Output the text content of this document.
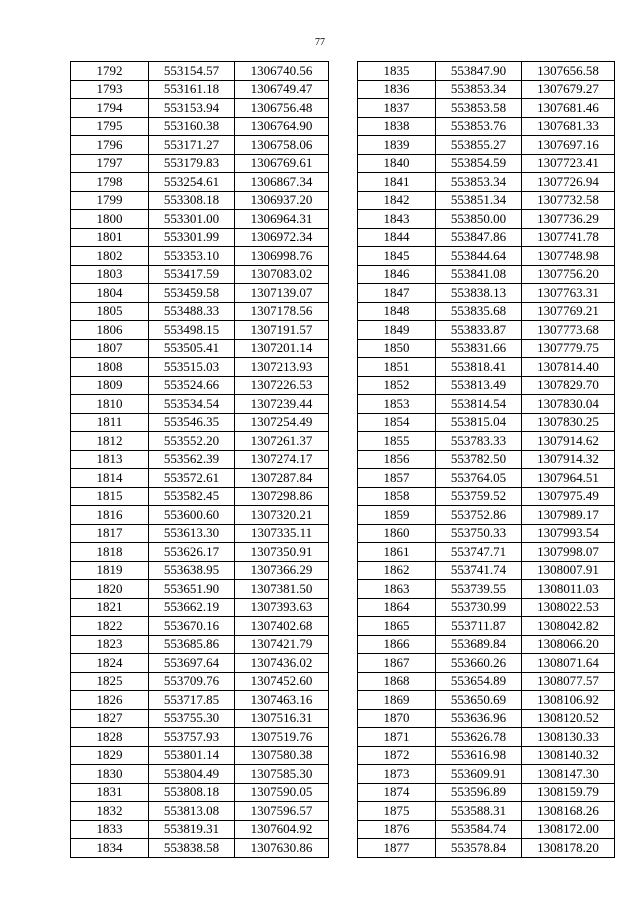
77
1792	553154.57	1306740.56
1793	553161.18	1306749.47
1794	553153.94	1306756.48
1795	553160.38	1306764.90
1796	553171.27	1306758.06
1797	553179.83	1306769.61
1798	553254.61	1306867.34
1799	553308.18	1306937.20
1800	553301.00	1306964.31
1801	553301.99	1306972.34
1802	553353.10	1306998.76
1803	553417.59	1307083.02
1804	553459.58	1307139.07
1805	553488.33	1307178.56
1806	553498.15	1307191.57
1807	553505.41	1307201.14
1808	553515.03	1307213.93
1809	553524.66	1307226.53
1810	553534.54	1307239.44
1811	553546.35	1307254.49
1812	553552.20	1307261.37
1813	553562.39	1307274.17
1814	553572.61	1307287.84
1815	553582.45	1307298.86
1816	553600.60	1307320.21
1817	553613.30	1307335.11
1818	553626.17	1307350.91
1819	553638.95	1307366.29
1820	553651.90	1307381.50
1821	553662.19	1307393.63
1822	553670.16	1307402.68
1823	553685.86	1307421.79
1824	553697.64	1307436.02
1825	553709.76	1307452.60
1826	553717.85	1307463.16
1827	553755.30	1307516.31
1828	553757.93	1307519.76
1829	553801.14	1307580.38
1830	553804.49	1307585.30
1831	553808.18	1307590.05
1832	553813.08	1307596.57
1833	553819.31	1307604.92
1834	553838.58	1307630.86
1835	553847.90	1307656.58
1836	553853.34	1307679.27
1837	553853.58	1307681.46
1838	553853.76	1307681.33
1839	553855.27	1307697.16
1840	553854.59	1307723.41
1841	553853.34	1307726.94
1842	553851.34	1307732.58
1843	553850.00	1307736.29
1844	553847.86	1307741.78
1845	553844.64	1307748.98
1846	553841.08	1307756.20
1847	553838.13	1307763.31
1848	553835.68	1307769.21
1849	553833.87	1307773.68
1850	553831.66	1307779.75
1851	553818.41	1307814.40
1852	553813.49	1307829.70
1853	553814.54	1307830.04
1854	553815.04	1307830.25
1855	553783.33	1307914.62
1856	553782.50	1307914.32
1857	553764.05	1307964.51
1858	553759.52	1307975.49
1859	553752.86	1307989.17
1860	553750.33	1307993.54
1861	553747.71	1307998.07
1862	553741.74	1308007.91
1863	553739.55	1308011.03
1864	553730.99	1308022.53
1865	553711.87	1308042.82
1866	553689.84	1308066.20
1867	553660.26	1308071.64
1868	553654.89	1308077.57
1869	553650.69	1308106.92
1870	553636.96	1308120.52
1871	553626.78	1308130.33
1872	553616.98	1308140.32
1873	553609.91	1308147.30
1874	553596.89	1308159.79
1875	553588.31	1308168.26
1876	553584.74	1308172.00
1877	553578.84	1308178.20
